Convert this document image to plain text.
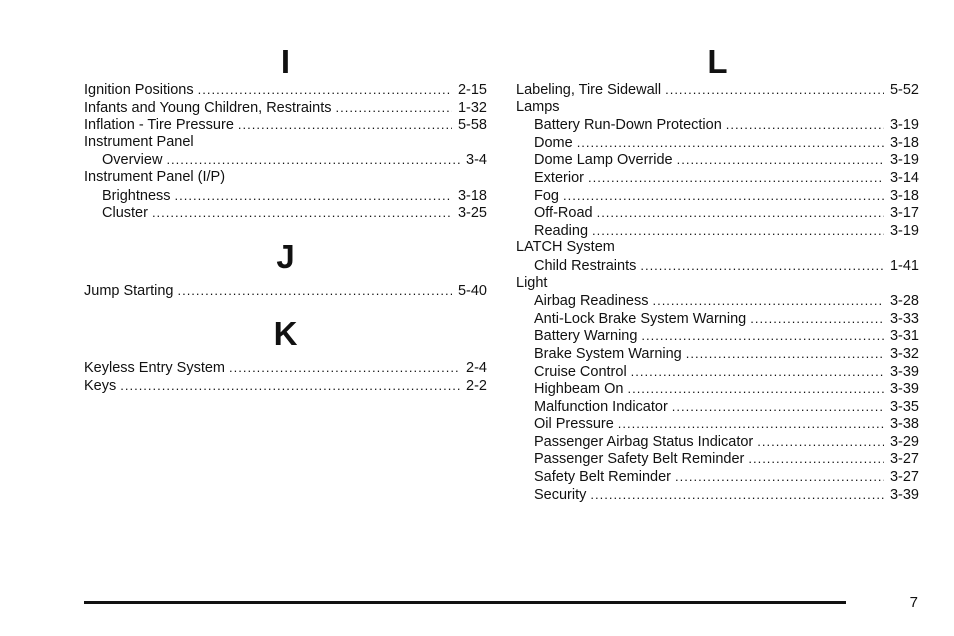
I
Ignition Positions .....	2-15
Infants and Young Children, Restraints .....	1-32
Inflation - Tire Pressure .....	5-58
Instrument Panel
Overview .....	3-4
Instrument Panel (I/P)
Brightness .....	3-18
Cluster .....	3-25
J
Jump Starting .....	5-40
K
Keyless Entry System .....	2-4
Keys .....	2-2
L
Labeling, Tire Sidewall .....	5-52
Lamps
Battery Run-Down Protection .....	3-19
Dome .....	3-18
Dome Lamp Override .....	3-19
Exterior .....	3-14
Fog .....	3-18
Off-Road .....	3-17
Reading .....	3-19
LATCH System
Child Restraints .....	1-41
Light
Airbag Readiness .....	3-28
Anti-Lock Brake System Warning .....	3-33
Battery Warning .....	3-31
Brake System Warning .....	3-32
Cruise Control .....	3-39
Highbeam On .....	3-39
Malfunction Indicator .....	3-35
Oil Pressure .....	3-38
Passenger Airbag Status Indicator .....	3-29
Passenger Safety Belt Reminder .....	3-27
Safety Belt Reminder .....	3-27
Security .....	3-39
7
